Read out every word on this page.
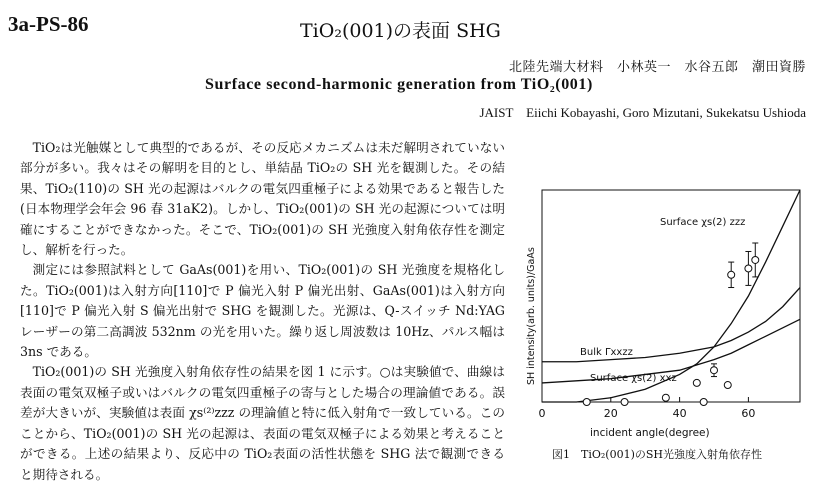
3a-PS-86	TiO₂(001)の表面 SHG
北陸先端大材料　小林英一　水谷五郎　潮田資勝
Surface second-harmonic generation from TiO₂(001)
JAIST　Eiichi Kobayashi, Goro Mizutani, Sukekatsu Ushioda

TiO₂は光触媒として典型的であるが、その反応メカニズムは未だ解明されていない部分が多い。我々はその解明を目的とし、単結晶 TiO₂の SH 光を観測した。その結果、TiO₂(110)の SH 光の起源はバルクの電気四重極子による効果であると報告した(日本物理学会年会 96 春 31aK2)。しかし、TiO₂(001)の SH 光の起源については明確にすることができなかった。そこで、TiO₂(001)の SH 光強度入射角依存性を測定し、解析を行った。

測定には参照試料として GaAs(001)を用い、TiO₂(001)の SH 光強度を規格化した。TiO₂(001)は入射方向[110]で P 偏光入射 P 偏光出射、GaAs(001)は入射方向[110]で P 偏光入射 S 偏光出射で SHG を観測した。光源は、Q-スイッチ Nd:YAG レーザーの第二高調波 532nm の光を用いた。繰り返し周波数は 10Hz、パルス幅は 3ns である。

TiO₂(001)の SH 光強度入射角依存性の結果を図 1 に示す。○は実験値で、曲線は表面の電気双極子或いはバルクの電気四重極子の寄与とした場合の理論値である。誤差が大きいが、実験値は表面 χs⁽²⁾zzz の理論値と特に低入射角で一致している。このことから、TiO₂(001)の SH 光の起源は、表面の電気双極子による効果と考えることができる。上述の結果より、反応中の TiO₂表面の活性状態を SHG 法で観測できると期待される。

0	20	40	60
SH intensity(arb. units)/GaAs
incident angle(degree)
Surface χs(2) zzz
Bulk Γxxzz
Surface χs(2) xxz
図1　TiO₂(001)のSH光強度入射角依存性
